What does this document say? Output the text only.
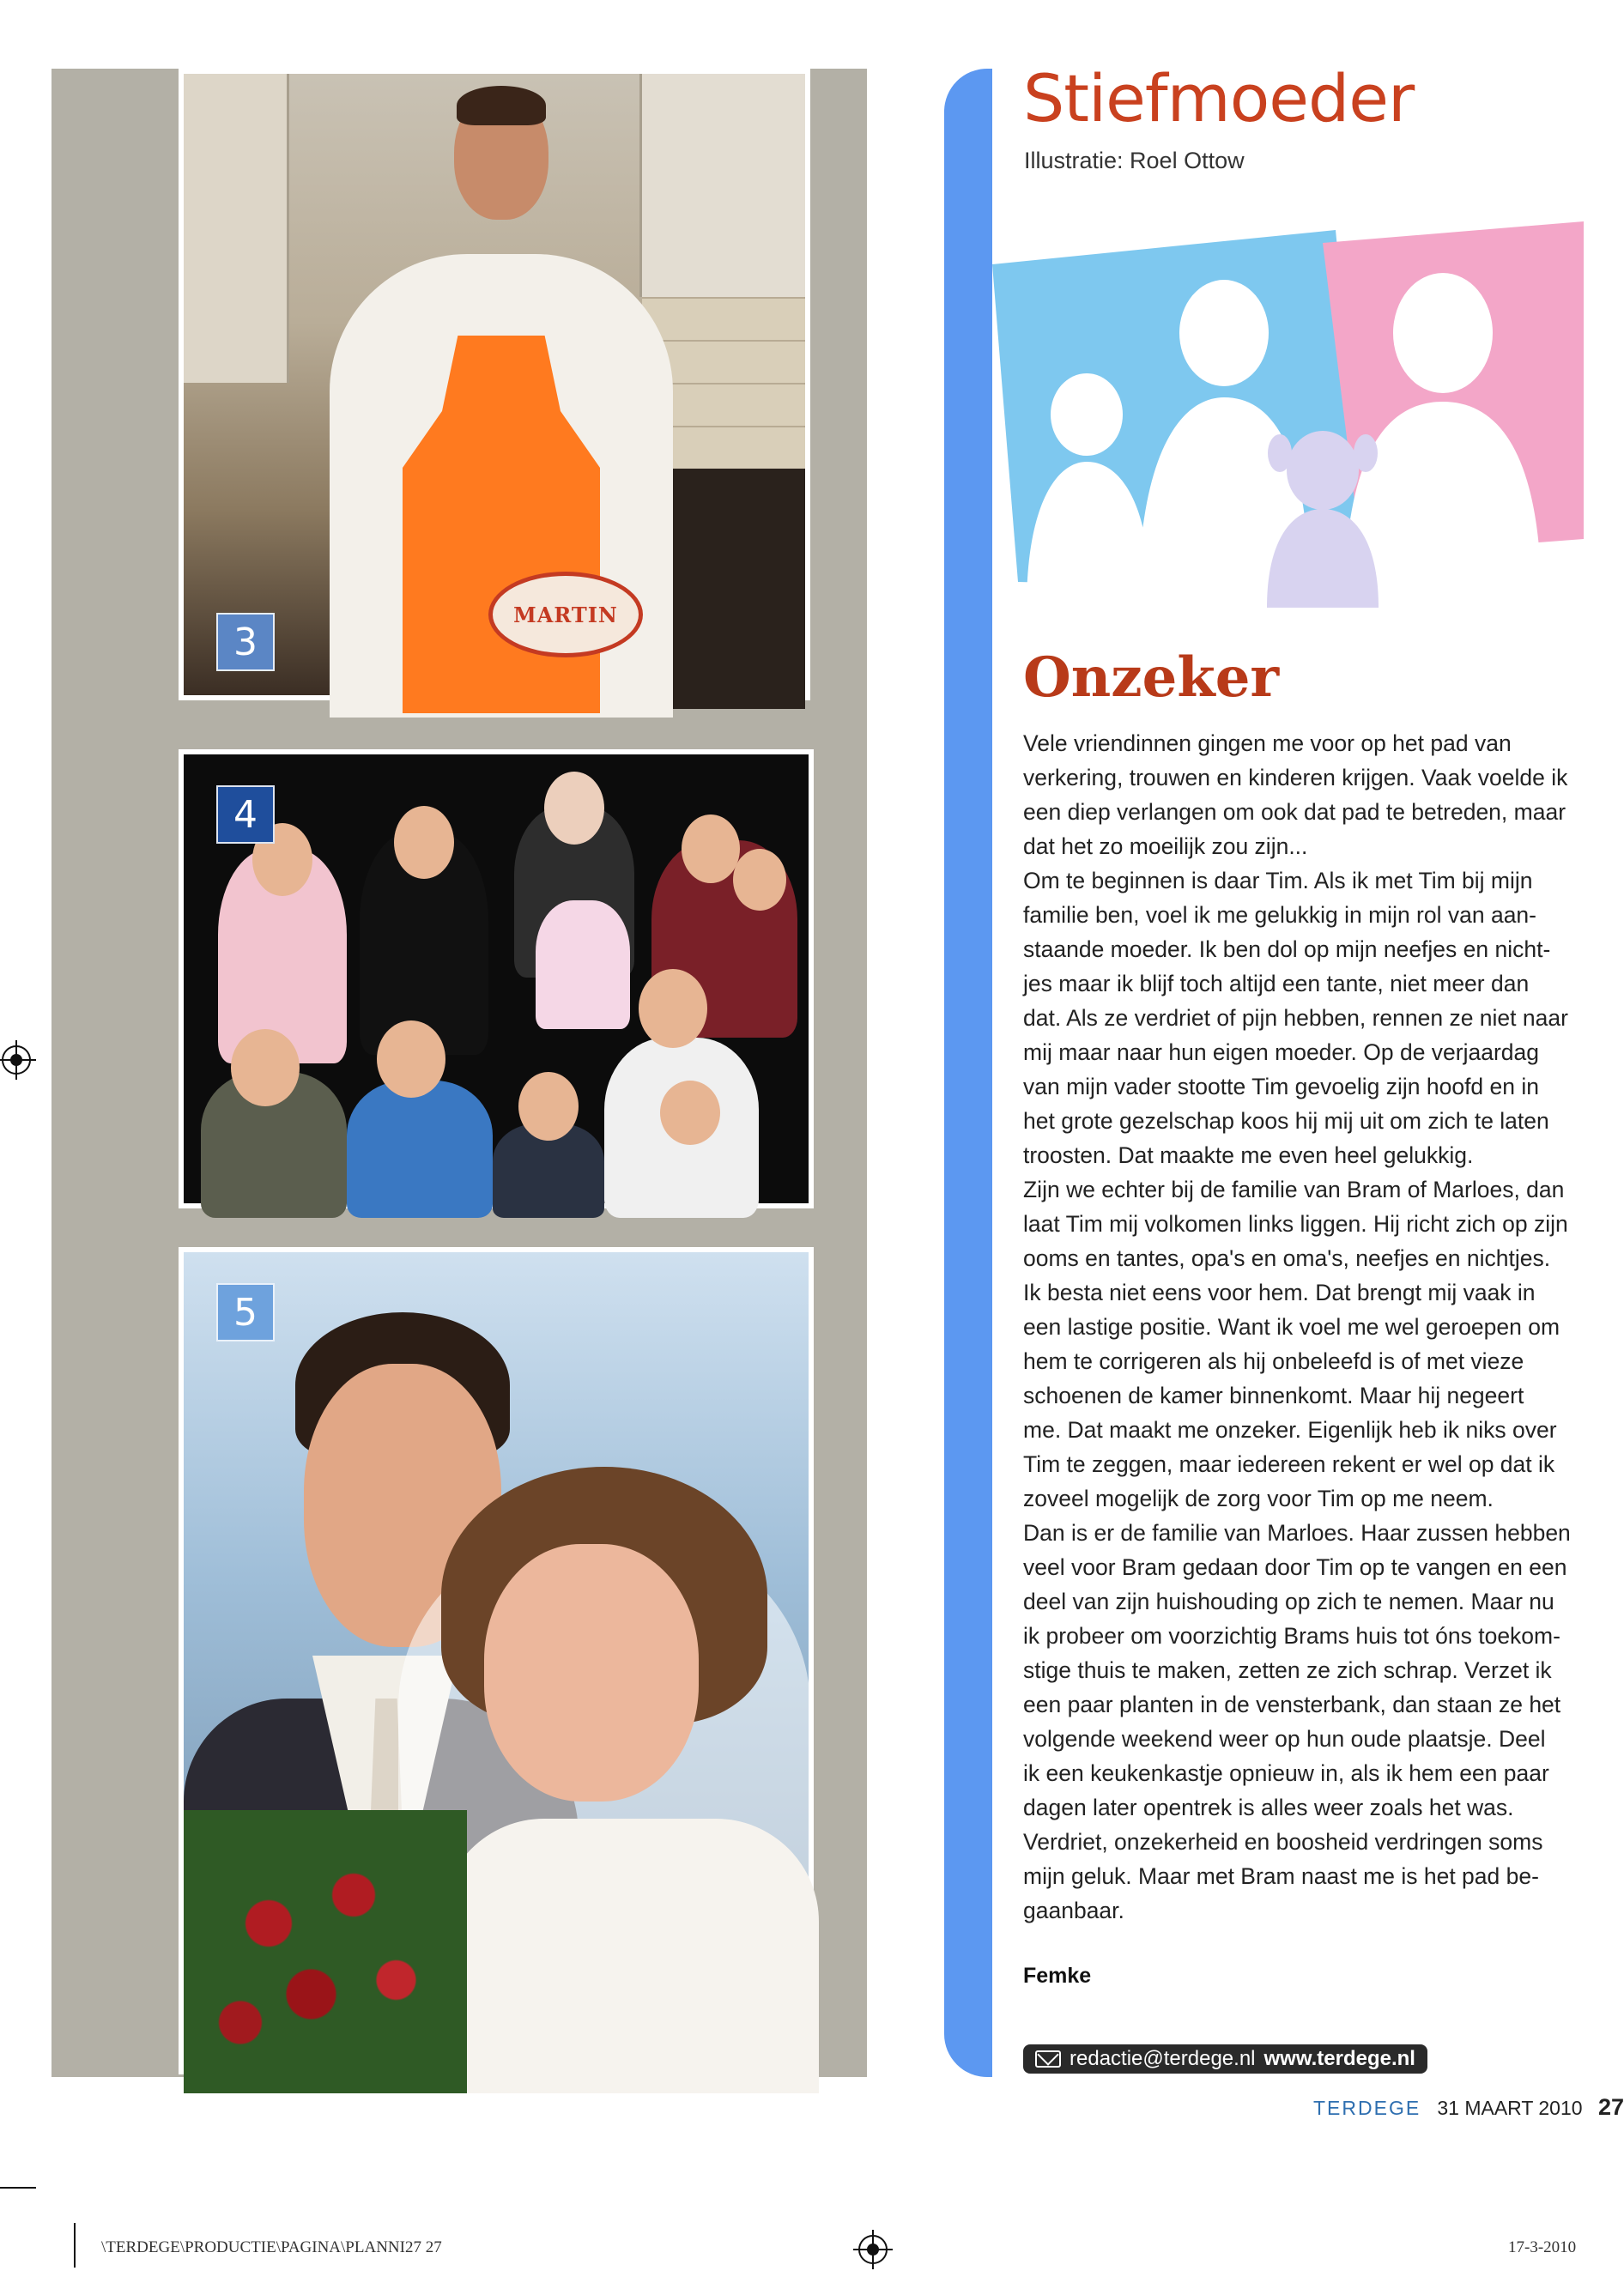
MARTIN
3
4
5
Stiefmoeder
Illustratie: Roel Ottow
Onzeker

Vele vriendinnen gingen me voor op het pad van

verkering, trouwen en kinderen krijgen. Vaak voelde ik

een diep verlangen om ook dat pad te betreden, maar

dat het zo moeilijk zou zijn...

Om te beginnen is daar Tim. Als ik met Tim bij mijn

familie ben, voel ik me gelukkig in mijn rol van aan-

staande moeder. Ik ben dol op mijn neefjes en nicht-

jes maar ik blijf toch altijd een tante, niet meer dan

dat. Als ze verdriet of pijn hebben, rennen ze niet naar

mij maar naar hun eigen moeder. Op de verjaardag

van mijn vader stootte Tim gevoelig zijn hoofd en in

het grote gezelschap koos hij mij uit om zich te laten

troosten. Dat maakte me even heel gelukkig.

Zijn we echter bij de familie van Bram of Marloes, dan

laat Tim mij volkomen links liggen. Hij richt zich op zijn

ooms en tantes, opa's en oma's, neefjes en nichtjes.

Ik besta niet eens voor hem. Dat brengt mij vaak in

een lastige positie. Want ik voel me wel geroepen om

hem te corrigeren als hij onbeleefd is of met vieze

schoenen de kamer binnenkomt. Maar hij negeert

me. Dat maakt me onzeker. Eigenlijk heb ik niks over

Tim te zeggen, maar iedereen rekent er wel op dat ik

zoveel mogelijk de zorg voor Tim op me neem.

Dan is er de familie van Marloes. Haar zussen hebben

veel voor Bram gedaan door Tim op te vangen en een

deel van zijn huishouding op zich te nemen. Maar nu

ik probeer om voorzichtig Brams huis tot óns toekom-

stige thuis te maken, zetten ze zich schrap. Verzet ik

een paar planten in de vensterbank, dan staan ze het

volgende weekend weer op hun oude plaatsje. Deel

ik een keukenkastje opnieuw in, als ik hem een paar

dagen later opentrek is alles weer zoals het was.

Verdriet, onzekerheid en boosheid verdringen soms

mijn geluk. Maar met Bram naast me is het pad be-

gaanbaar.

Femke
redactie@terdege.nl www.terdege.nl
TERDEGE 31 MAART 2010 27
\TERDEGE\PRODUCTIE\PAGINA\PLANNI27 27	17-3-2010
